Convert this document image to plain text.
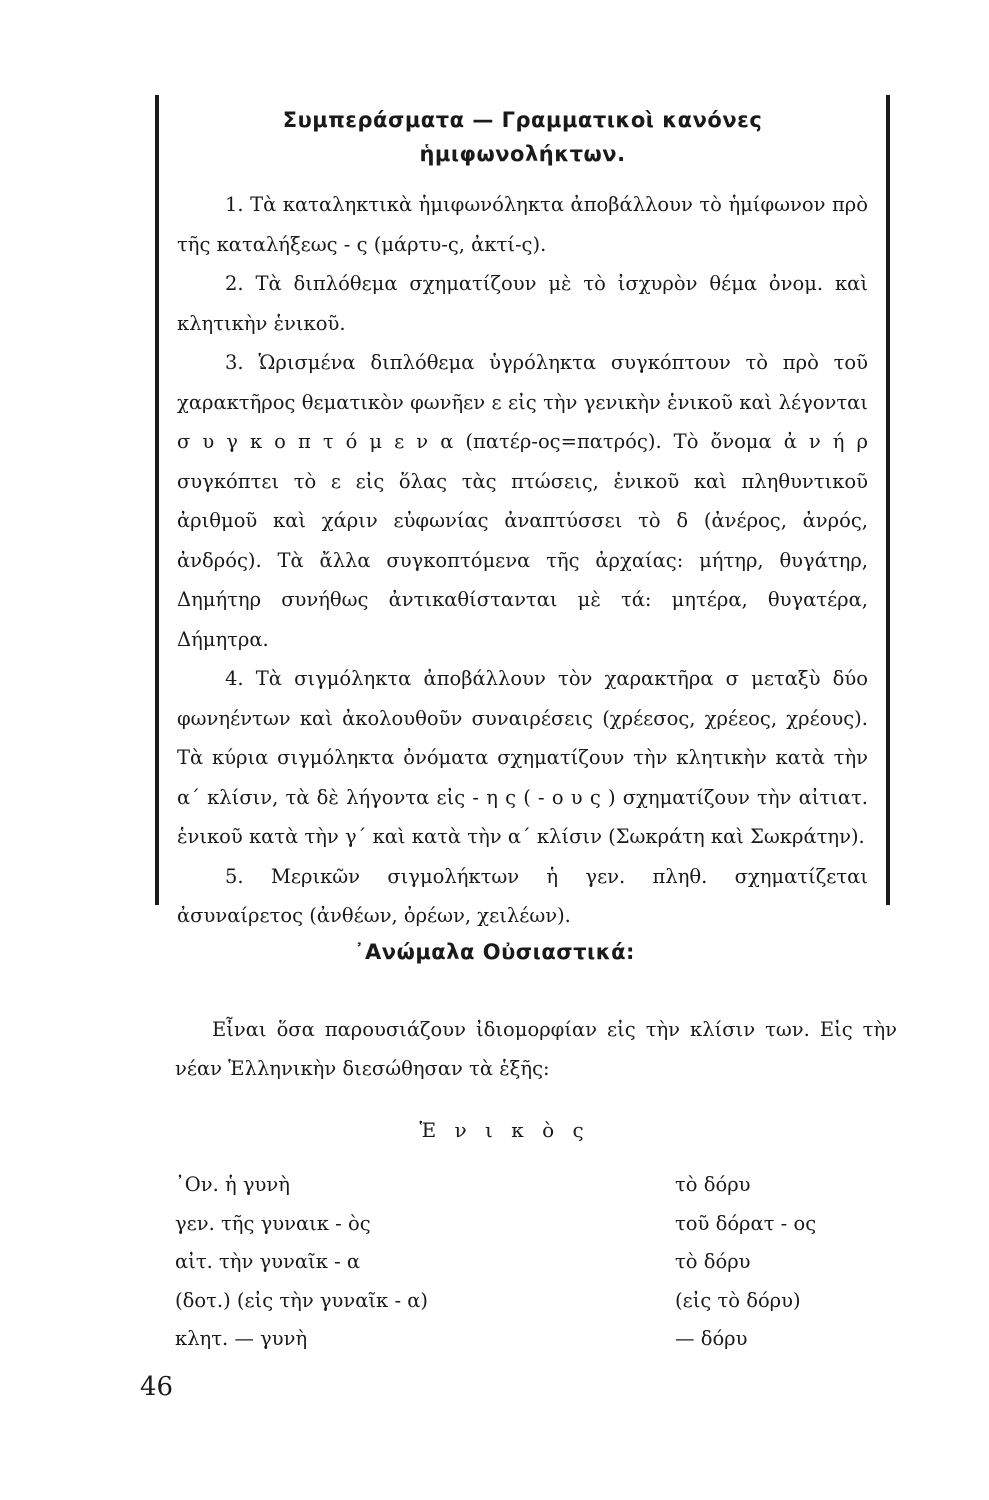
Συμπεράσματα — Γραμματικοὶ κανόνες
ἡμιφωνολήκτων.

1. Τὰ καταληκτικὰ ἡμιφωνόληκτα ἀποβάλλουν τὸ ἡμίφωνον πρὸ τῆς καταλήξεως - ς (μάρτυ-ς, ἀκτί-ς).

2. Τὰ διπλόθεμα σχηματίζουν μὲ τὸ ἰσχυρὸν θέμα ὀνομ. καὶ κλητικὴν ἑνικοῦ.

3. Ὡρισμένα διπλόθεμα ὑγρόληκτα συγκόπτουν τὸ πρὸ τοῦ χαρακτῆρος θεματικὸν φωνῆεν ε εἰς τὴν γενικὴν ἑνικοῦ καὶ λέγονται σ υ γ κ ο π τ ό μ ε ν α (πατέρ-ος=πατρός). Τὸ ὄνομα ἀ ν ή ρ συγκόπτει τὸ ε εἰς ὅλας τὰς πτώσεις, ἑνικοῦ καὶ πληθυντικοῦ ἀριθμοῦ καὶ χάριν εὐφωνίας ἀναπτύσσει τὸ δ (ἀνέρος, ἀνρός, ἀνδρός). Τὰ ἄλλα συγκοπτόμενα τῆς ἀρχαίας: μήτηρ, θυγάτηρ, Δημήτηρ συνήθως ἀντικαθίστανται μὲ τά: μητέρα, θυγατέρα, Δήμητρα.

4. Τὰ σιγμόληκτα ἀποβάλλουν τὸν χαρακτῆρα σ μεταξὺ δύο φωνηέντων καὶ ἀκολουθοῦν συναιρέσεις (χρέεσος, χρέεος, χρέους). Τὰ κύρια σιγμόληκτα ὀνόματα σχηματίζουν τὴν κλητικὴν κατὰ τὴν α΄ κλίσιν, τὰ δὲ λήγοντα εἰς - η ς ( - ο υ ς ) σχηματίζουν τὴν αἰτιατ. ἑνικοῦ κατὰ τὴν γ΄ καὶ κατὰ τὴν α΄ κλίσιν (Σωκράτη καὶ Σωκράτην).

5. Μερικῶν σιγμολήκτων ἡ γεν. πληθ. σχηματίζεται ἀσυναίρετος (ἀνθέων, ὀρέων, χειλέων).

᾿Ανώμαλα Οὐσιαστικά:

Εἶναι ὅσα παρουσιάζουν ἰδιομορφίαν εἰς τὴν κλίσιν των. Εἰς τὴν νέαν Ἑλληνικὴν διεσώθησαν τὰ ἑξῆς:

Ἑ ν ι κ ὸ ς
᾿Ον. ἡ γυνὴ	τὸ δόρυ
γεν. τῆς γυναικ - ὸς	τοῦ δόρατ - ος
αἰτ. τὴν γυναῖκ - α	τὸ δόρυ
(δοτ.) (εἰς τὴν γυναῖκ - α)	(εἰς τὸ δόρυ)
κλητ. — γυνὴ	— δόρυ
46
